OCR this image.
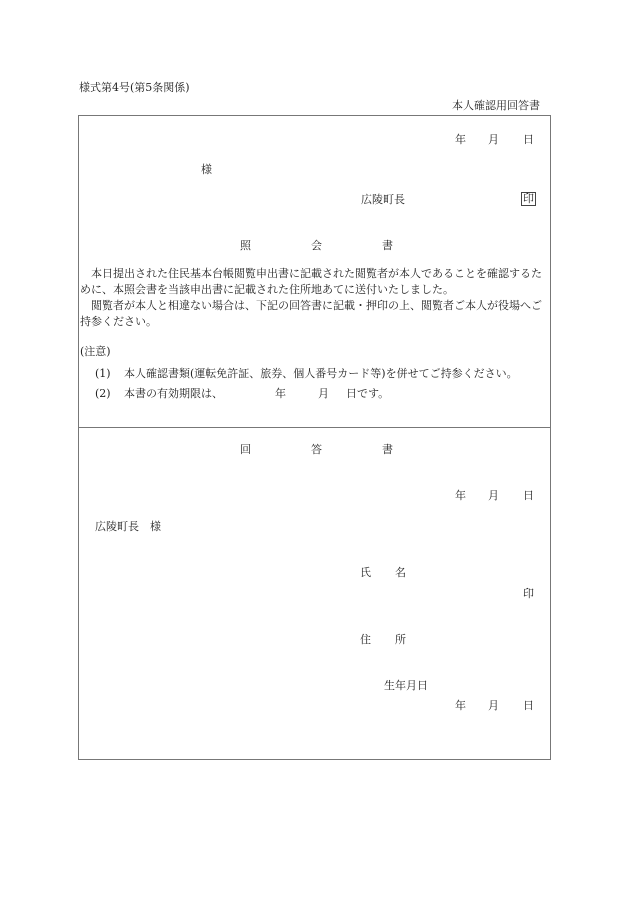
様式第4号(第5条関係)
本人確認用回答書
年 月 日
様
広陵町長	印
照	会	書
本日提出された住民基本台帳閲覧申出書に記載された閲覧者が本人であることを確認するために、本照会書を当該申出書に記載された住所地あてに送付いたしました。
閲覧者が本人と相違ない場合は、下記の回答書に記載・押印の上、閲覧者ご本人が役場へご持参ください。
(注意)
(1) 本人確認書類(運転免許証、旅券、個人番号カード等)を併せてご持参ください。
(2) 本書の有効期限は、	年	月 日です。
回	答	書
年 月 日
広陵町長　様
氏 名
印
住 所
生年月日
年 月 日
